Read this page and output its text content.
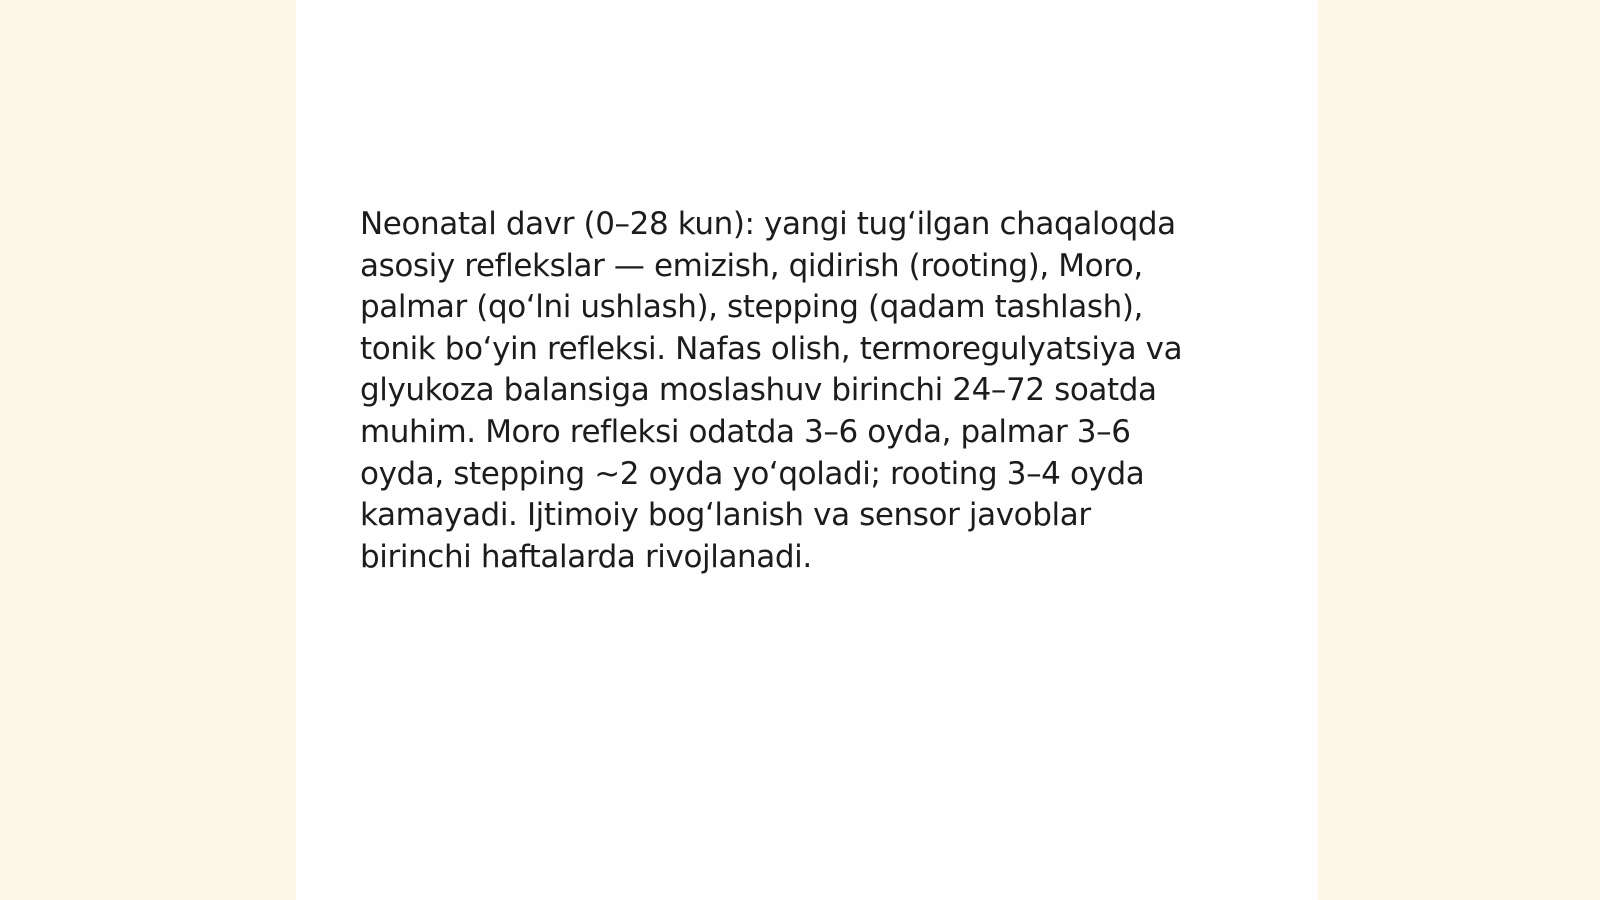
Neonatal davr (0–28 kun): yangi tugʻilgan chaqaloqda
asosiy reflekslar — emizish, qidirish (rooting), Moro,
palmar (qoʻlni ushlash), stepping (qadam tashlash),
tonik boʻyin refleksi. Nafas olish, termoregulyatsiya va
glyukoza balansiga moslashuv birinchi 24–72 soatda
muhim. Moro refleksi odatda 3–6 oyda, palmar 3–6
oyda, stepping ~2 oyda yoʻqoladi; rooting 3–4 oyda
kamayadi. Ijtimoiy bogʻlanish va sensor javoblar
birinchi haftalarda rivojlanadi.
